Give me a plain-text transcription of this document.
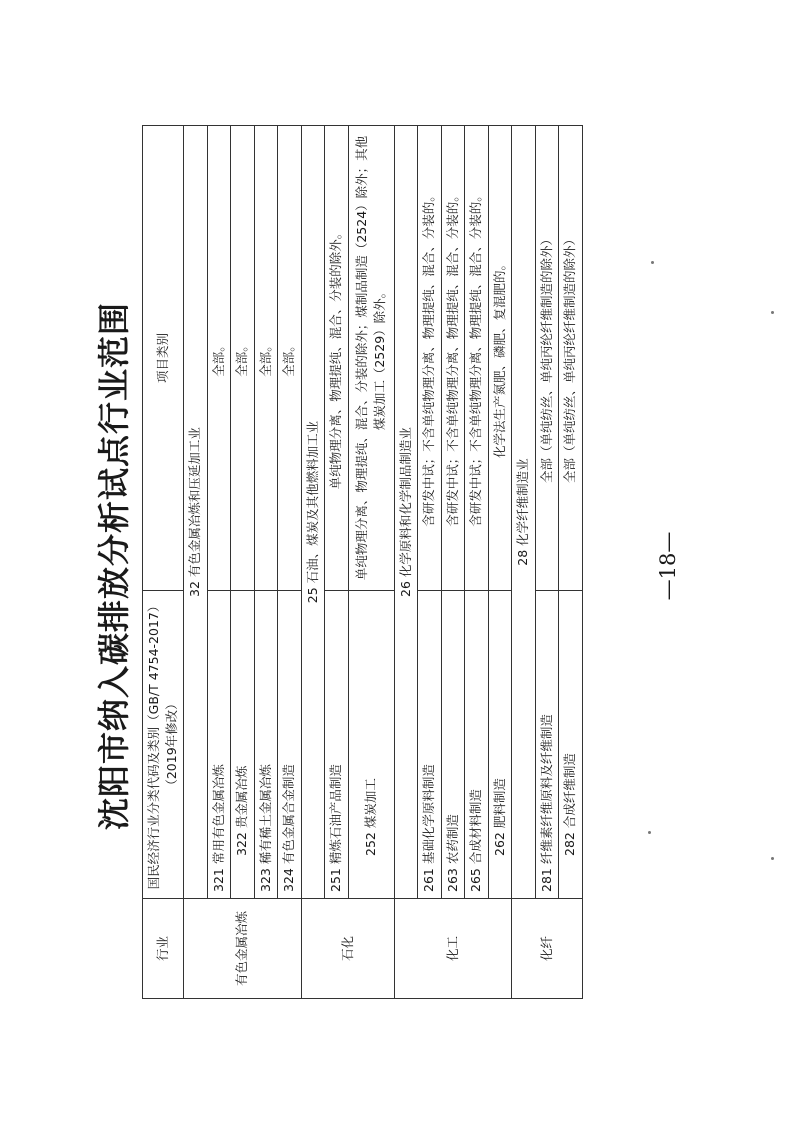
沈阳市纳入碳排放分析试点行业范围
行业	国民经济行业分类代码及类别（GB/T 4754-2017）（2019年修改）	项目类别
有色金属冶炼	32 有色金属冶炼和压延加工业	
	321 常用有色金属冶炼	全部。
	322 贵金属冶炼	全部。
	323 稀有稀土金属冶炼	全部。
	324 有色金属合金制造	全部。
石化	25 石油、煤炭及其他燃料加工业	
	251 精炼石油产品制造	单纯物理分离、物理提纯、混合、分装的除外。
	252 煤炭加工	单纯物理分离、物理提纯、混合、分装的除外；煤制品制造（2524）除外；其他煤炭加工（2529）除外。
化工	26 化学原料和化学制品制造业	
	261 基础化学原料制造	含研发中试；不含单纯物理分离、物理提纯、混合、分装的。
	263 农药制造	含研发中试；不含单纯物理分离、物理提纯、混合、分装的。
	265 合成材料制造	含研发中试；不含单纯物理分离、物理提纯、混合、分装的。
	262 肥料制造	化学法生产氮肥、磷肥、复混肥的。
化纤	28 化学纤维制造业	
	281 纤维素纤维原料及纤维制造	全部（单纯纺丝、单纯丙纶纤维制造的除外）
	282 合成纤维制造	全部（单纯纺丝、单纯丙纶纤维制造的除外）
—18—
